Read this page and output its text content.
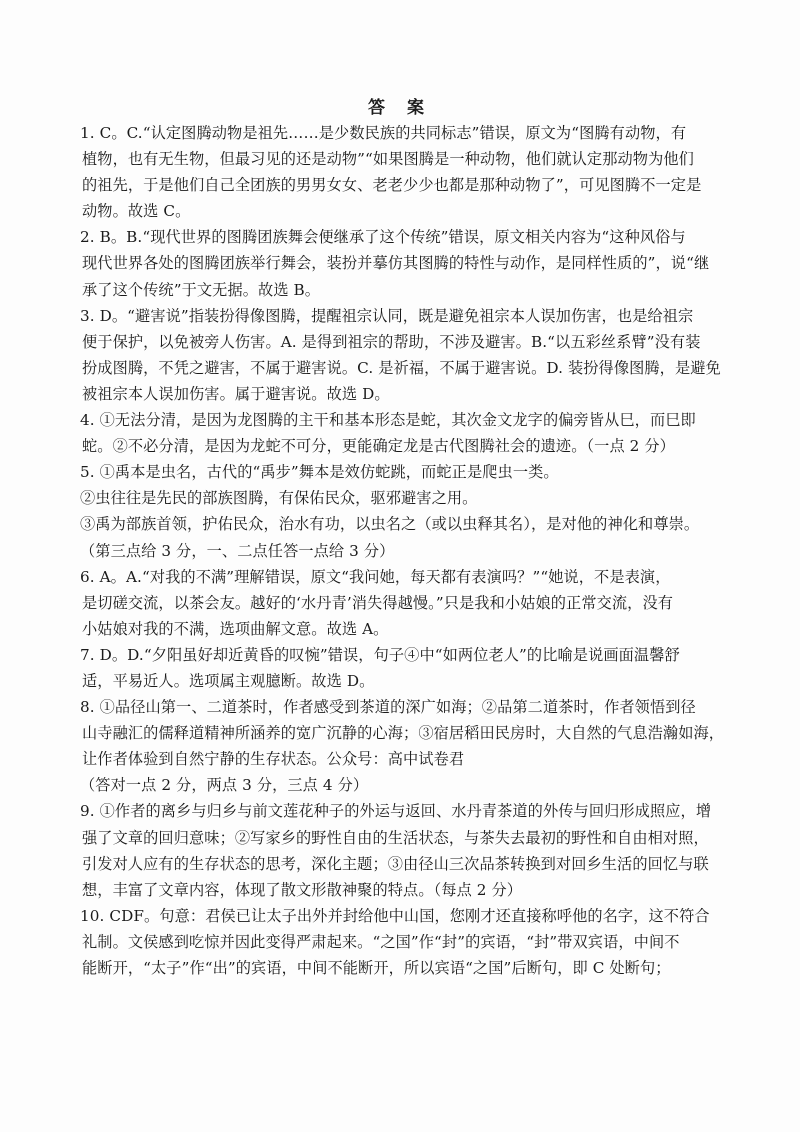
答 案
1. C。C.“认定图腾动物是祖先……是少数民族的共同标志”错误，原文为“图腾有动物，有
植物，也有无生物，但最习见的还是动物”“如果图腾是一种动物，他们就认定那动物为他们
的祖先，于是他们自己全团族的男男女女、老老少少也都是那种动物了”，可见图腾不一定是
动物。故选 C。
2. B。B.“现代世界的图腾团族舞会便继承了这个传统”错误，原文相关内容为“这种风俗与
现代世界各处的图腾团族举行舞会，装扮并摹仿其图腾的特性与动作，是同样性质的”，说“继
承了这个传统”于文无据。故选 B。
3. D。“避害说”指装扮得像图腾，提醒祖宗认同，既是避免祖宗本人误加伤害，也是给祖宗
便于保护，以免被旁人伤害。A. 是得到祖宗的帮助，不涉及避害。B.“以五彩丝系臂”没有装
扮成图腾，不凭之避害，不属于避害说。C. 是祈福，不属于避害说。D. 装扮得像图腾，是避免
被祖宗本人误加伤害。属于避害说。故选 D。
4. ①无法分清，是因为龙图腾的主干和基本形态是蛇，其次金文龙字的偏旁皆从巳，而巳即
蛇。②不必分清，是因为龙蛇不可分，更能确定龙是古代图腾社会的遗迹。（一点 2 分）
5. ①禹本是虫名，古代的“禹步”舞本是效仿蛇跳，而蛇正是爬虫一类。
②虫往往是先民的部族图腾，有保佑民众，驱邪避害之用。
③禹为部族首领，护佑民众，治水有功，以虫名之（或以虫释其名），是对他的神化和尊崇。
（第三点给 3 分，一、二点任答一点给 3 分）
6. A。A.“对我的不满”理解错误，原文“我问她，每天都有表演吗？”“她说，不是表演，
是切磋交流，以茶会友。越好的‘水丹青’消失得越慢。”只是我和小姑娘的正常交流，没有
小姑娘对我的不满，选项曲解文意。故选 A。
7. D。D.“夕阳虽好却近黄昏的叹惋”错误，句子④中“如两位老人”的比喻是说画面温馨舒
适，平易近人。选项属主观臆断。故选 D。
8. ①品径山第一、二道茶时，作者感受到茶道的深广如海；②品第二道茶时，作者领悟到径
山寺融汇的儒释道精神所涵养的宽广沉静的心海；③宿居稻田民房时，大自然的气息浩瀚如海，
让作者体验到自然宁静的生存状态。公众号：高中试卷君
（答对一点 2 分，两点 3 分，三点 4 分）
9. ①作者的离乡与归乡与前文莲花种子的外运与返回、水丹青茶道的外传与回归形成照应，增
强了文章的回归意味；②写家乡的野性自由的生活状态，与茶失去最初的野性和自由相对照，
引发对人应有的生存状态的思考，深化主题；③由径山三次品茶转换到对回乡生活的回忆与联
想，丰富了文章内容，体现了散文形散神聚的特点。（每点 2 分）
10. CDF。句意：君侯已让太子出外并封给他中山国，您刚才还直接称呼他的名字，这不符合
礼制。文侯感到吃惊并因此变得严肃起来。“之国”作“封”的宾语，“封”带双宾语，中间不
能断开，“太子”作“出”的宾语，中间不能断开，所以宾语“之国”后断句，即 C 处断句；
